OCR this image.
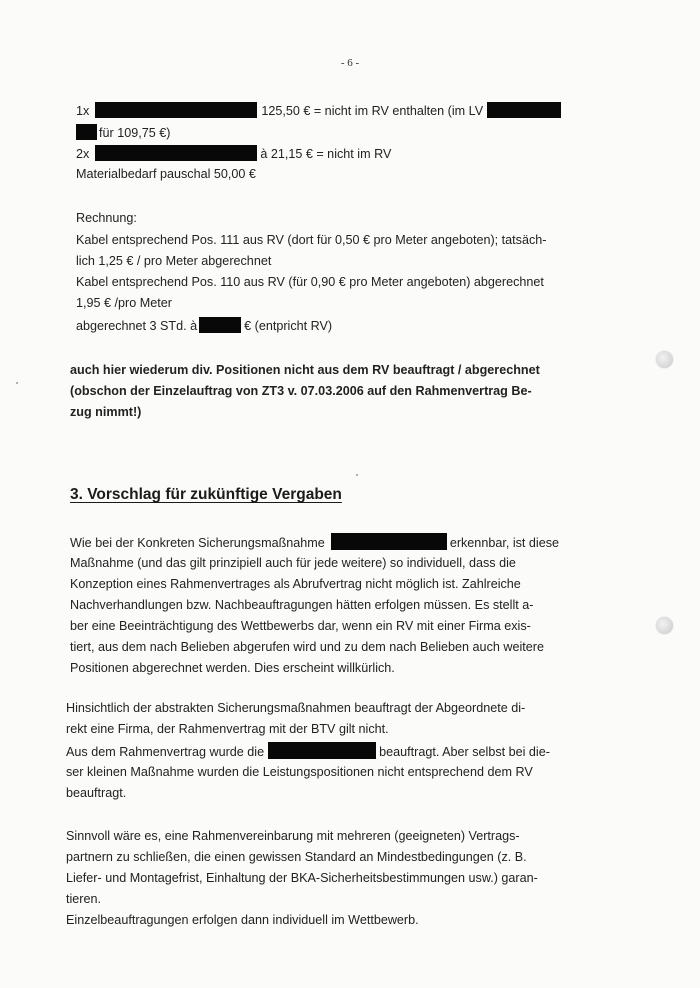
- 6 -
1x	125,50 € = nicht im RV enthalten (im LV
für 109,75 €)
2x	à 21,15 € = nicht im RV
Materialbedarf pauschal 50,00 €
Rechnung:
Kabel entsprechend Pos. 111 aus RV (dort für 0,50 € pro Meter angeboten); tatsäch-
lich 1,25 € / pro Meter abgerechnet
Kabel entsprechend Pos. 110 aus RV (für 0,90 € pro Meter angeboten) abgerechnet
1,95 € /pro Meter
abgerechnet 3 STd. à	€ (entpricht RV)
auch hier wiederum div. Positionen nicht aus dem RV beauftragt / abgerechnet
(obschon der Einzelauftrag von ZT3 v. 07.03.2006 auf den Rahmenvertrag Be-
zug nimmt!)
3. Vorschlag für zukünftige Vergaben
Wie bei der Konkreten Sicherungsmaßnahme	erkennbar, ist diese
Maßnahme (und das gilt prinzipiell auch für jede weitere) so individuell, dass die
Konzeption eines Rahmenvertrages als Abrufvertrag nicht möglich ist. Zahlreiche
Nachverhandlungen bzw. Nachbeauftragungen hätten erfolgen müssen. Es stellt a-
ber eine Beeinträchtigung des Wettbewerbs dar, wenn ein RV mit einer Firma exis-
tiert, aus dem nach Belieben abgerufen wird und zu dem nach Belieben auch weitere
Positionen abgerechnet werden. Dies erscheint willkürlich.
Hinsichtlich der abstrakten Sicherungsmaßnahmen beauftragt der Abgeordnete di-
rekt eine Firma, der Rahmenvertrag mit der BTV gilt nicht.
Aus dem Rahmenvertrag wurde die	beauftragt. Aber selbst bei die-
ser kleinen Maßnahme wurden die Leistungspositionen nicht entsprechend dem RV
beauftragt.
Sinnvoll wäre es, eine Rahmenvereinbarung mit mehreren (geeigneten) Vertrags-
partnern zu schließen, die einen gewissen Standard an Mindestbedingungen (z. B.
Liefer- und Montagefrist, Einhaltung der BKA-Sicherheitsbestimmungen usw.) garan-
tieren.
Einzelbeauftragungen erfolgen dann individuell im Wettbewerb.
